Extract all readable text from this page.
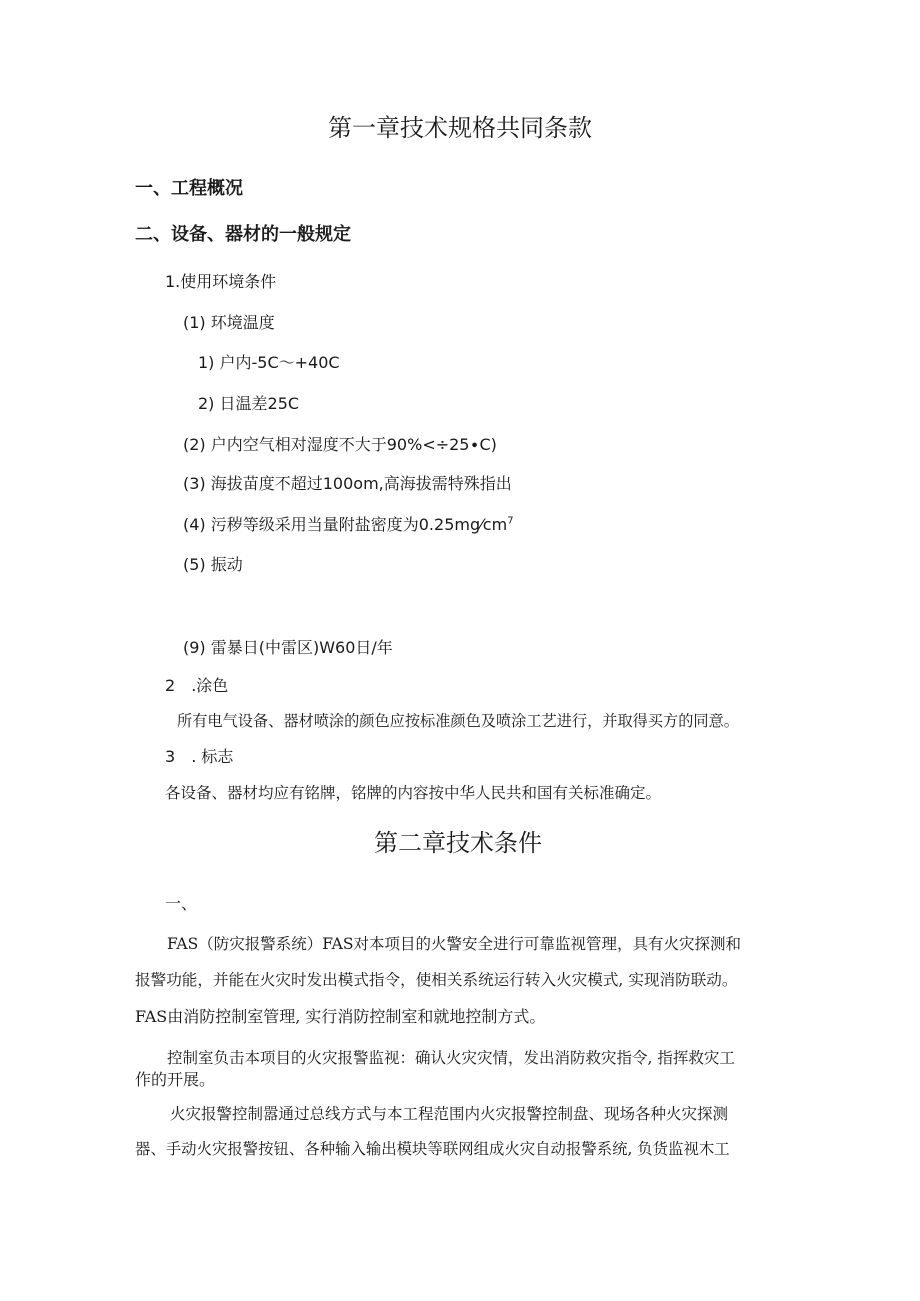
第一章技术规格共同条款
一、工程概况
二、设备、器材的一般规定
1.使用环境条件
(1) 环境温度
1) 户内-5C〜+40C
2) 日温差25C
(2) 户内空气相对湿度不大于90%<÷25∙C)
(3) 海拔苗度不超过100om,高海拔需特殊指出
(4) 污秽等级采用当量附盐密度为$0.25mg⁄cm^7$
(5) 振动
(9) 雷暴日(中雷区)W60日/年
2 .涂色
所有电气设备、器材喷涂的颜色应按标准颜色及喷涂工艺进行，并取得买方的同意。
3 . 标志
各设备、器材均应有铭牌，铭牌的内容按中华人民共和国有关标准确定。
第二章技术条件
一、
FAS（防灾报警系统）FAS对本项目的火警安全进行可靠监视管理，具有火灾探测和
报警功能，并能在火灾时发出模式指令，使相关系统运行转入火灾模式, 实现消防联动。
FAS由消防控制室管理, 实行消防控制室和就地控制方式。
控制室负击本项目的火灾报警监视：确认火灾灾情，发出消防救灾指令, 指挥救灾工
作的开展。
火灾报警控制嚣通过总线方式与本工程范围内火灾报警控制盘、现场各种火灾探测
器、手动火灾报警按钮、各种输入输出模块等联网组成火灾自动报警系统, 负货监视木工
